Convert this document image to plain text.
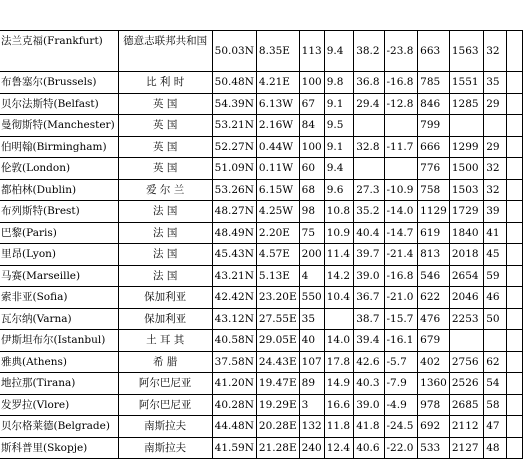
法兰克福(Frankfurt)	德意志联邦共和国	50.03N	8.35E	113	9.4	38.2	-23.8	663	1563	32	
布鲁塞尔(Brussels)	比 利 时	50.48N	4.21E	100	9.8	36.8	-16.8	785	1551	35	
贝尔法斯特(Belfast)	英 国	54.39N	6.13W	67	9.1	29.4	-12.8	846	1285	29	
曼彻斯特(Manchester)	英 国	53.21N	2.16W	84	9.5			799			
伯明翰(Birmingham)	英 国	52.27N	0.44W	100	9.1	32.8	-11.7	666	1299	29	
伦敦(London)	英 国	51.09N	0.11W	60	9.4			776	1500	32	
都柏林(Dublin)	爱 尔 兰	53.26N	6.15W	68	9.6	27.3	-10.9	758	1503	32	
布列斯特(Brest)	法 国	48.27N	4.25W	98	10.8	35.2	-14.0	1129	1729	39	
巴黎(Paris)	法 国	48.49N	2.20E	75	10.9	40.4	-14.7	619	1840	41	
里昂(Lyon)	法 国	45.43N	4.57E	200	11.4	39.7	-21.4	813	2018	45	
马赛(Marseille)	法 国	43.21N	5.13E	4	14.2	39.0	-16.8	546	2654	59	
索非亚(Sofia)	保加利亚	42.42N	23.20E	550	10.4	36.7	-21.0	622	2046	46	
瓦尔纳(Varna)	保加利亚	43.12N	27.55E	35		38.7	-15.7	476	2253	50	
伊斯坦布尔(Istanbul)	土 耳 其	40.58N	29.05E	40	14.0	39.4	-16.1	679			
雅典(Athens)	希 腊	37.58N	24.43E	107	17.8	42.6	-5.7	402	2756	62	
地拉那(Tirana)	阿尔巴尼亚	41.20N	19.47E	89	14.9	40.3	-7.9	1360	2526	54	
发罗拉(Vlore)	阿尔巴尼亚	40.28N	19.29E	3	16.6	39.0	-4.9	978	2685	58	
贝尔格莱德(Belgrade)	南斯拉夫	44.48N	20.28E	132	11.8	41.8	-24.5	692	2112	47	
斯科普里(Skopje)	南斯拉夫	41.59N	21.28E	240	12.4	40.6	-22.0	533	2127	48	
